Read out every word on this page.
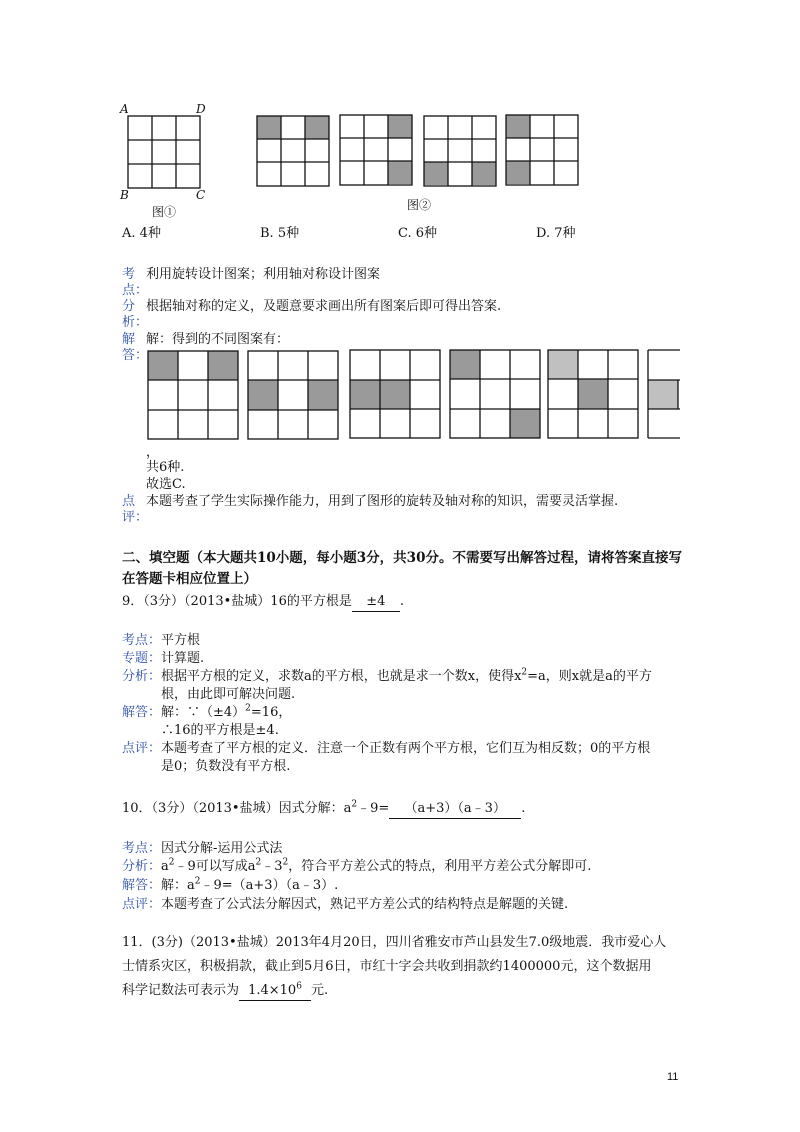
A	D
B	C
图①	图②
A. 4种	B. 5种	C. 6种	D. 7种
考
点：
利用旋转设计图案；利用轴对称设计图案
分
析：
根据轴对称的定义，及题意要求画出所有图案后即可得出答案.
解
答：
解：得到的不同图案有：
，
共6种.
故选C.
点
评：
本题考查了学生实际操作能力，用到了图形的旋转及轴对称的知识，需要灵活掌握.
二、填空题（本大题共10小题，每小题3分，共30分。不需要写出解答过程，请将答案直接写
在答题卡相应位置上）
9．（3分）（2013•盐城）16的平方根是 ±4 .
考点： 平方根
专题： 计算题.
分析： 根据平方根的定义，求数a的平方根，也就是求一个数x，使得$x^2=a$，则x就是a的平方
根，由此即可解决问题.
解答： 解：$\because(\pm 4)^2=16$，
∴16的平方根是±4.
点评： 本题考查了平方根的定义．注意一个正数有两个平方根，它们互为相反数；0的平方根
是0；负数没有平方根.
10．（3分）（2013•盐城）因式分解：$a^2﹣9=$ （a+3）（a﹣3） .
考点： 因式分解-运用公式法
分析： $a^2﹣9$可以写成$a^2﹣3^2$，符合平方差公式的特点，利用平方差公式分解即可.
解答： 解：$a^2﹣9=(a+3)(a﹣3)$.
点评： 本题考查了公式法分解因式，熟记平方差公式的结构特点是解题的关键.
11．(3分)（2013•盐城）2013年4月20日，四川省雅安市芦山县发生7.0级地震．我市爱心人
士情系灾区，积极捐款，截止到5月6日，市红十字会共收到捐款约1400000元，这个数据用
科学记数法可表示为 $1.4\times 10^6$ 元.
11
